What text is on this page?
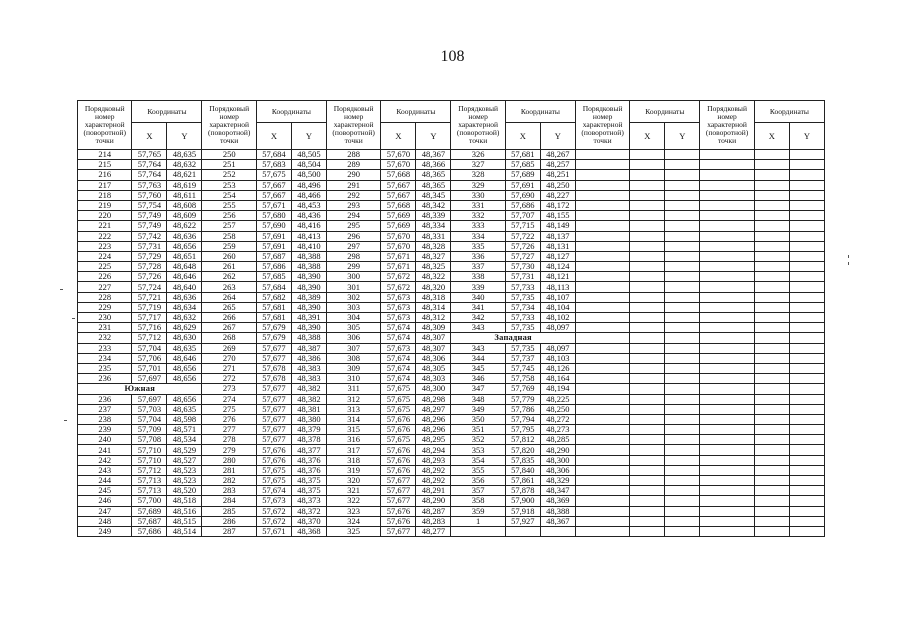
108
Порядковый номер характерной (поворотной) точки	Координаты		Порядковый номер характерной (поворотной) точки	Координаты		Порядковый номер характерной (поворотной) точки	Координаты		Порядковый номер характерной (поворотной) точки	Координаты		Порядковый номер характерной (поворотной) точки	Координаты		Порядковый номер характерной (поворотной) точки	Координаты	
	X	Y		X	Y		X	Y		X	Y		X	Y		X	Y
214	57,765	48,635	250	57,684	48,505	288	57,670	48,367	326	57,681	48,267						
215	57,764	48,632	251	57,683	48,504	289	57,670	48,366	327	57,685	48,257						
216	57,764	48,621	252	57,675	48,500	290	57,668	48,365	328	57,689	48,251						
217	57,763	48,619	253	57,667	48,496	291	57,667	48,365	329	57,691	48,250						
218	57,760	48,611	254	57,667	48,466	292	57,667	48,345	330	57,690	48,227						
219	57,754	48,608	255	57,671	48,453	293	57,668	48,342	331	57,686	48,172						
220	57,749	48,609	256	57,680	48,436	294	57,669	48,339	332	57,707	48,155						
221	57,749	48,622	257	57,690	48,416	295	57,669	48,334	333	57,715	48,149						
222	57,742	48,636	258	57,691	48,413	296	57,670	48,331	334	57,722	48,137						
223	57,731	48,656	259	57,691	48,410	297	57,670	48,328	335	57,726	48,131						
224	57,729	48,651	260	57,687	48,388	298	57,671	48,327	336	57,727	48,127						
225	57,728	48,648	261	57,686	48,388	299	57,671	48,325	337	57,730	48,124						
226	57,726	48,646	262	57,685	48,390	300	57,672	48,322	338	57,731	48,121						
227	57,724	48,640	263	57,684	48,390	301	57,672	48,320	339	57,733	48,113						
228	57,721	48,636	264	57,682	48,389	302	57,673	48,318	340	57,735	48,107						
229	57,719	48,634	265	57,681	48,390	303	57,673	48,314	341	57,734	48,104						
230	57,717	48,632	266	57,681	48,391	304	57,673	48,312	342	57,733	48,102						
231	57,716	48,629	267	57,679	48,390	305	57,674	48,309	343	57,735	48,097						
232	57,712	48,630	268	57,679	48,388	306	57,674	48,307	Западная								
233	57,704	48,635	269	57,677	48,387	307	57,673	48,307	343	57,735	48,097						
234	57,706	48,646	270	57,677	48,386	308	57,674	48,306	344	57,737	48,103						
235	57,701	48,656	271	57,678	48,383	309	57,674	48,305	345	57,745	48,126						
236	57,697	48,656	272	57,678	48,383	310	57,674	48,303	346	57,758	48,164						
Южная			273	57,677	48,382	311	57,675	48,300	347	57,769	48,194						
236	57,697	48,656	274	57,677	48,382	312	57,675	48,298	348	57,779	48,225						
237	57,703	48,635	275	57,677	48,381	313	57,675	48,297	349	57,786	48,250						
238	57,704	48,598	276	57,677	48,380	314	57,676	48,296	350	57,794	48,272						
239	57,709	48,571	277	57,677	48,379	315	57,676	48,296	351	57,795	48,273						
240	57,708	48,534	278	57,677	48,378	316	57,675	48,295	352	57,812	48,285						
241	57,710	48,529	279	57,676	48,377	317	57,676	48,294	353	57,820	48,290						
242	57,710	48,527	280	57,676	48,376	318	57,676	48,293	354	57,835	48,300						
243	57,712	48,523	281	57,675	48,376	319	57,676	48,292	355	57,840	48,306						
244	57,713	48,523	282	57,675	48,375	320	57,677	48,292	356	57,861	48,329						
245	57,713	48,520	283	57,674	48,375	321	57,677	48,291	357	57,878	48,347						
246	57,700	48,518	284	57,673	48,373	322	57,677	48,290	358	57,900	48,369						
247	57,689	48,516	285	57,672	48,372	323	57,676	48,287	359	57,918	48,388						
248	57,687	48,515	286	57,672	48,370	324	57,676	48,283	1	57,927	48,367						
249	57,686	48,514	287	57,671	48,368	325	57,677	48,277									
